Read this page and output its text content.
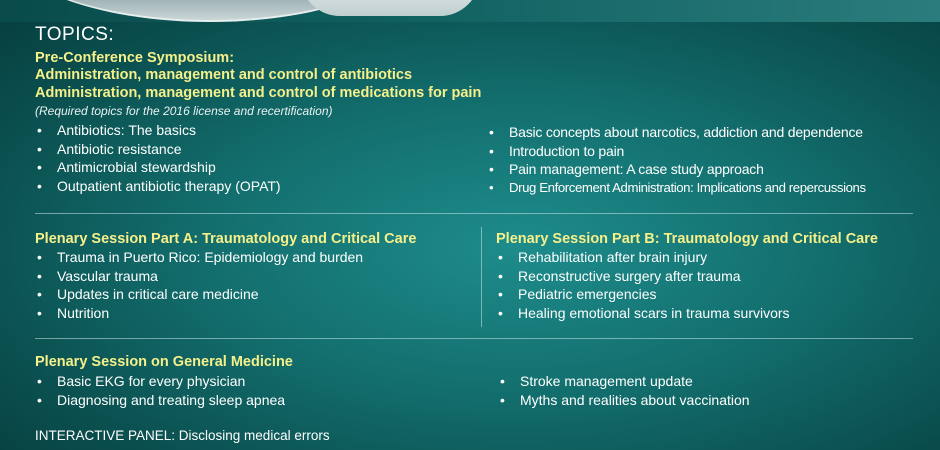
TOPICS:
Pre-Conference Symposium:
Administration, management and control of antibiotics
Administration, management and control of medications for pain
(Required topics for the 2016 license and recertification)
• Antibiotics: The basics
• Antibiotic resistance
• Antimicrobial stewardship
• Outpatient antibiotic therapy (OPAT)
• Basic concepts about narcotics, addiction and dependence
• Introduction to pain
• Pain management: A case study approach
• Drug Enforcement Administration: Implications and repercussions
Plenary Session Part A: Traumatology and Critical Care
• Trauma in Puerto Rico: Epidemiology and burden
• Vascular trauma
• Updates in critical care medicine
• Nutrition
Plenary Session Part B: Traumatology and Critical Care
• Rehabilitation after brain injury
• Reconstructive surgery after trauma
• Pediatric emergencies
• Healing emotional scars in trauma survivors
Plenary Session on General Medicine
• Basic EKG for every physician
• Diagnosing and treating sleep apnea
• Stroke management update
• Myths and realities about vaccination
INTERACTIVE PANEL: Disclosing medical errors
